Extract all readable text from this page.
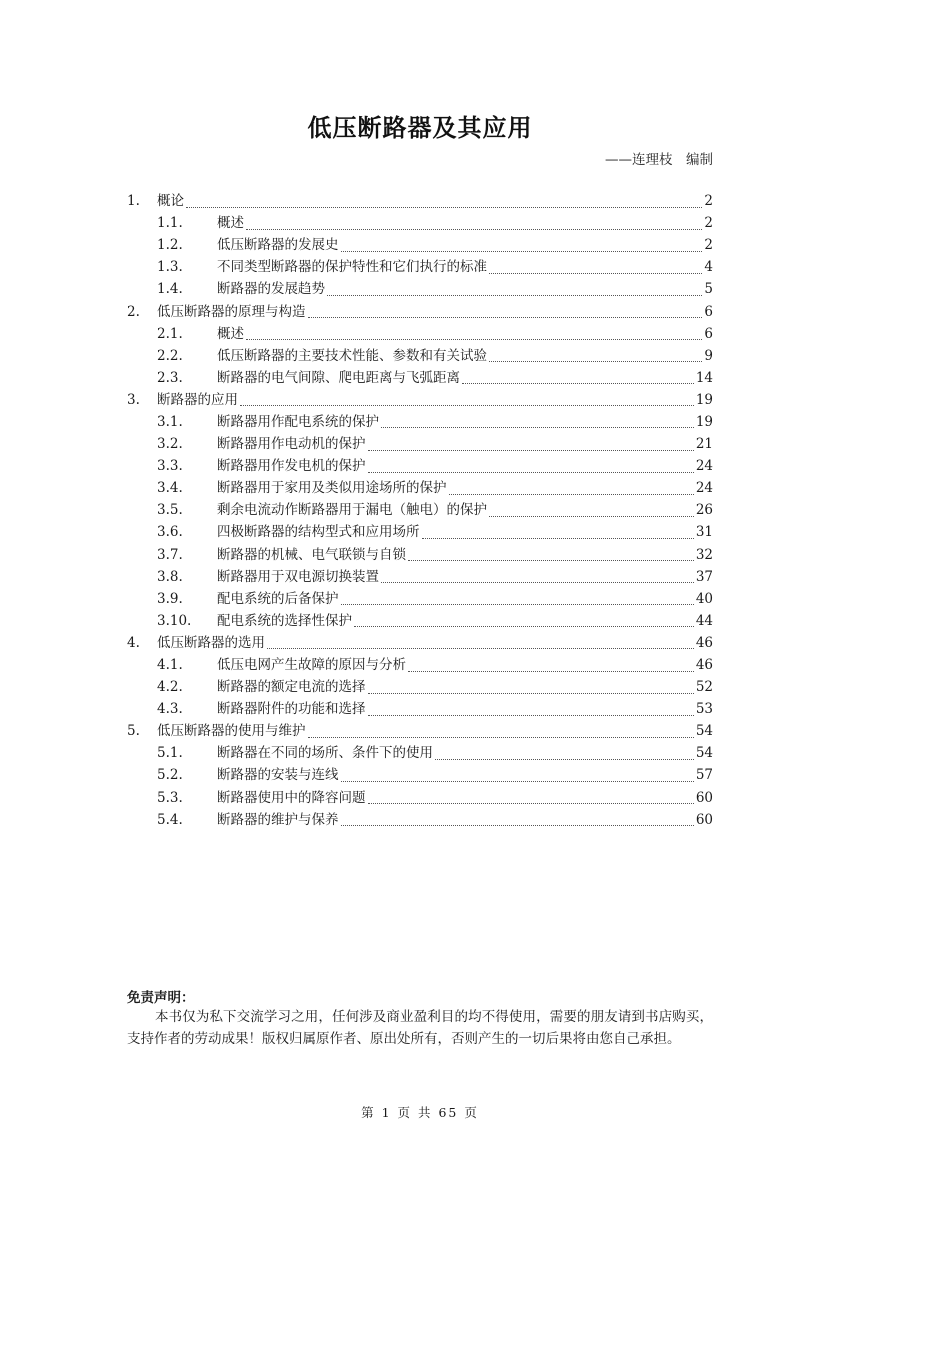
低压断路器及其应用
——连理枝　编制
1.	概论	2
1.1.	概述	2
1.2.	低压断路器的发展史	2
1.3.	不同类型断路器的保护特性和它们执行的标准	4
1.4.	断路器的发展趋势	5
2.	低压断路器的原理与构造	6
2.1.	概述	6
2.2.	低压断路器的主要技术性能、参数和有关试验	9
2.3.	断路器的电气间隙、爬电距离与飞弧距离	14
3.	断路器的应用	19
3.1.	断路器用作配电系统的保护	19
3.2.	断路器用作电动机的保护	21
3.3.	断路器用作发电机的保护	24
3.4.	断路器用于家用及类似用途场所的保护	24
3.5.	剩余电流动作断路器用于漏电（触电）的保护	26
3.6.	四极断路器的结构型式和应用场所	31
3.7.	断路器的机械、电气联锁与自锁	32
3.8.	断路器用于双电源切换装置	37
3.9.	配电系统的后备保护	40
3.10.	配电系统的选择性保护	44
4.	低压断路器的选用	46
4.1.	低压电网产生故障的原因与分析	46
4.2.	断路器的额定电流的选择	52
4.3.	断路器附件的功能和选择	53
5.	低压断路器的使用与维护	54
5.1.	断路器在不同的场所、条件下的使用	54
5.2.	断路器的安装与连线	57
5.3.	断路器使用中的降容问题	60
5.4.	断路器的维护与保养	60
免责声明：
本书仅为私下交流学习之用，任何涉及商业盈利目的均不得使用，需要的朋友请到书店购买，支持作者的劳动成果！版权归属原作者、原出处所有，否则产生的一切后果将由您自己承担。
第 1 页 共 65 页
